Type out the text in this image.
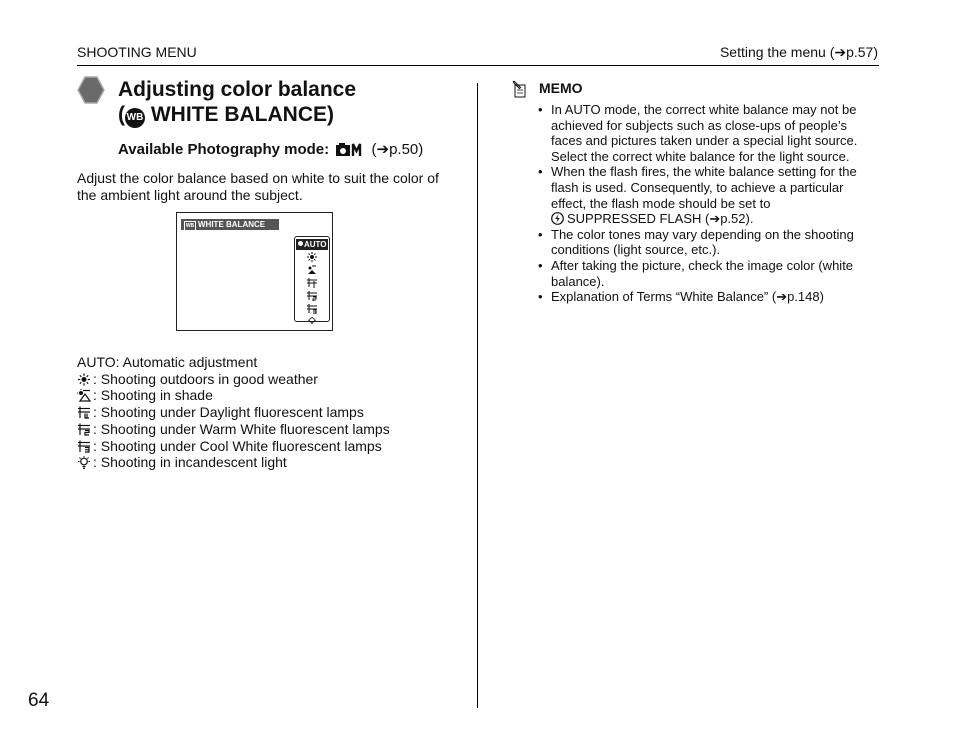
SHOOTING MENU	Setting the menu (➔p.57)
Adjusting color balance
( WB WHITE BALANCE)
Available Photography mode:	(➔p.50)
Adjust the color balance based on white to suit the color of the ambient light around the subject.
WB WHITE BALANCE
AUTO
AUTO: Automatic adjustment
: Shooting outdoors in good weather
: Shooting in shade
: Shooting under Daylight fluorescent lamps
: Shooting under Warm White fluorescent lamps
: Shooting under Cool White fluorescent lamps
: Shooting in incandescent light
MEMO
• In AUTO mode, the correct white balance may not be achieved for subjects such as close-ups of people’s faces and pictures taken under a special light source. Select the correct white balance for the light source.
• When the flash fires, the white balance setting for the flash is used. Consequently, to achieve a particular effect, the flash mode should be set to
SUPPRESSED FLASH (➔p.52).
• The color tones may vary depending on the shooting conditions (light source, etc.).
• After taking the picture, check the image color (white balance).
• Explanation of Terms “White Balance” (➔p.148)
64
